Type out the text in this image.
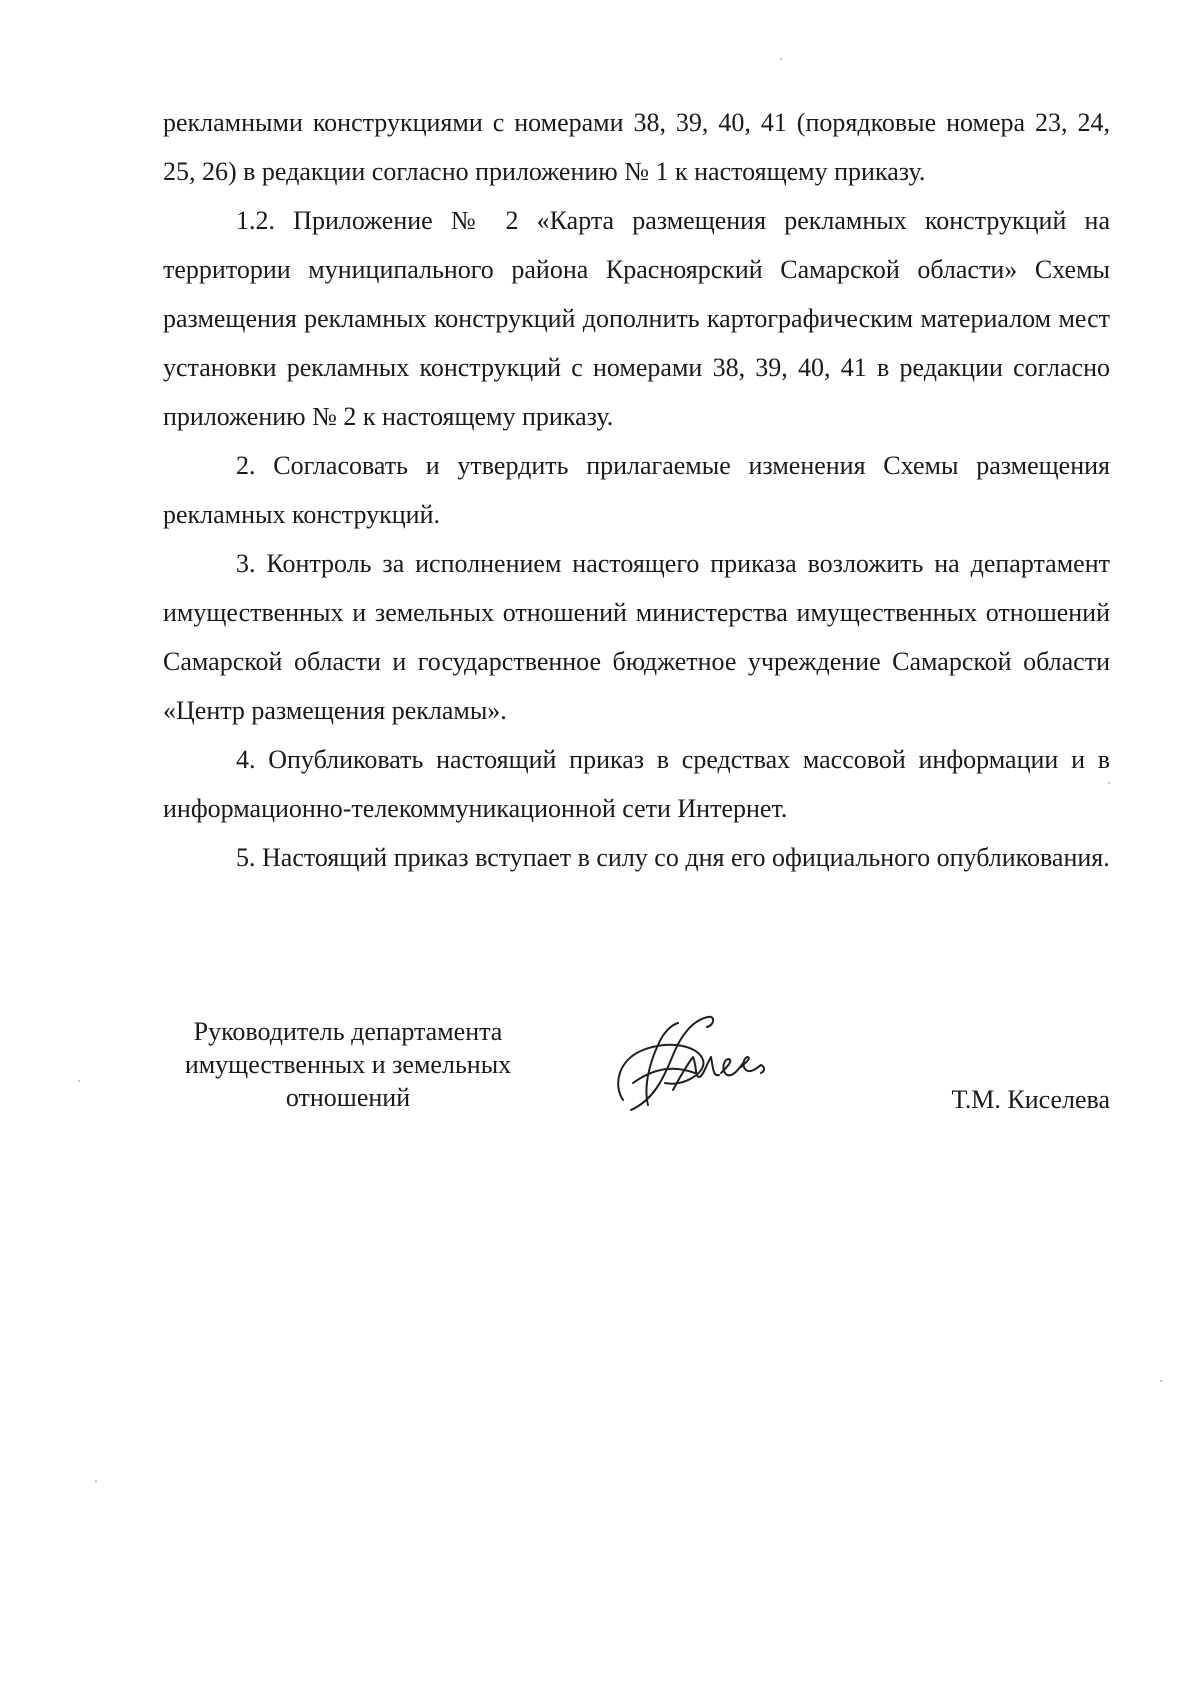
рекламными конструкциями с номерами 38, 39, 40, 41 (порядковые номера 23, 24, 25, 26) в редакции согласно приложению № 1 к настоящему приказу.

1.2. Приложение № 2 «Карта размещения рекламных конструкций на территории муниципального района Красноярский Самарской области» Схемы размещения рекламных конструкций дополнить картографическим материалом мест установки рекламных конструкций с номерами 38, 39, 40, 41 в редакции согласно приложению № 2 к настоящему приказу.

2. Согласовать и утвердить прилагаемые изменения Схемы размещения рекламных конструкций.

3. Контроль за исполнением настоящего приказа возложить на департамент имущественных и земельных отношений министерства имущественных отношений Самарской области и государственное бюджетное учреждение Самарской области «Центр размещения рекламы».

4. Опубликовать настоящий приказ в средствах массовой информации и в информационно-телекоммуникационной сети Интернет.

5. Настоящий приказ вступает в силу со дня его официального опубликования.

Руководитель департамента
имущественных и земельных
отношений	Т.М. Киселева
